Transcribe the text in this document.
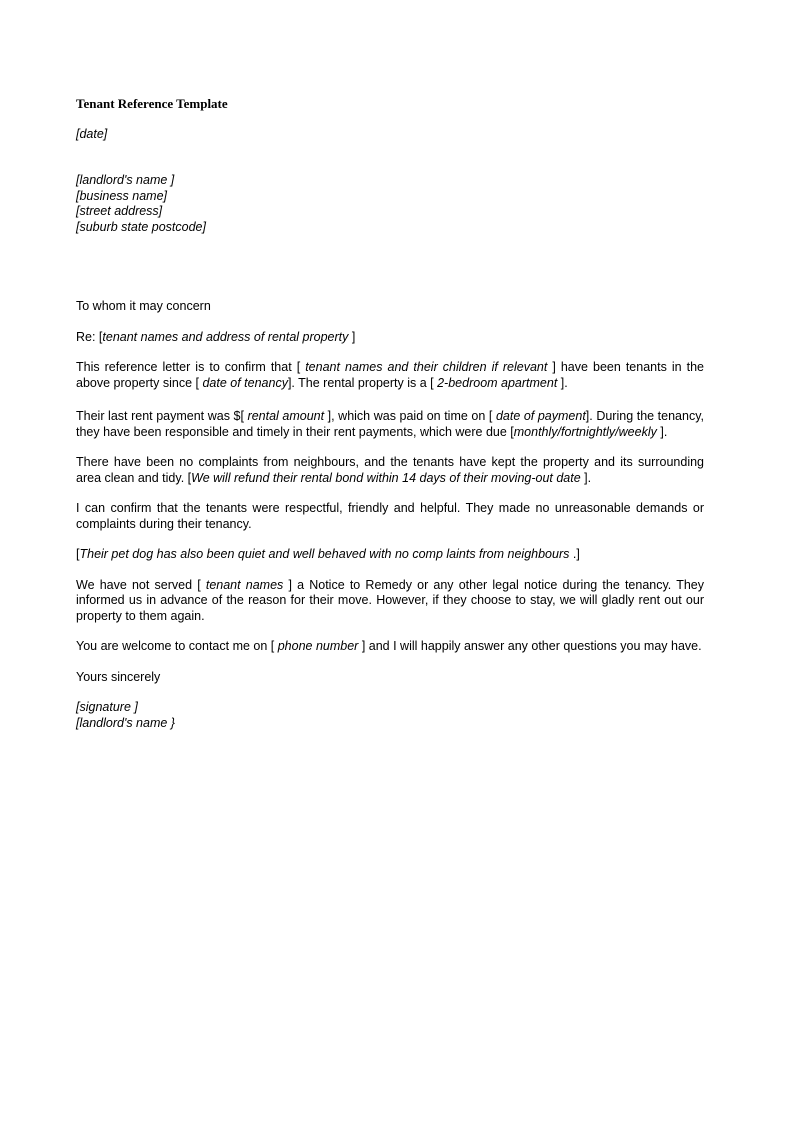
Tenant Reference Template

[date]

[landlord's name ]

[business name]

[street address]

[suburb state postcode]

To whom it may concern

Re: [tenant names and address of rental property ]

This reference letter is to confirm that [ tenant names and their children if relevant ] have been tenants in the above property since [ date of tenancy]. The rental property is a [ 2-bedroom apartment ].

Their last rent payment was $[ rental amount ], which was paid on time on [ date of payment]. During the tenancy, they have been responsible and timely in their rent payments, which were due [monthly/fortnightly/weekly ].

There have been no complaints from neighbours, and the tenants have kept the property and its surrounding area clean and tidy. [We will refund their rental bond within 14 days of their moving-out date ].

I can confirm that the tenants were respectful, friendly and helpful. They made no unreasonable demands or complaints during their tenancy.

[Their pet dog has also been quiet and well behaved with no comp laints from neighbours .]

We have not served [ tenant names ] a Notice to Remedy or any other legal notice during the tenancy. They informed us in advance of the reason for their move. However, if they choose to stay, we will gladly rent out our property to them again.

You are welcome to contact me on [ phone number ] and I will happily answer any other questions you may have.

Yours sincerely

[signature ]

[landlord's name }
